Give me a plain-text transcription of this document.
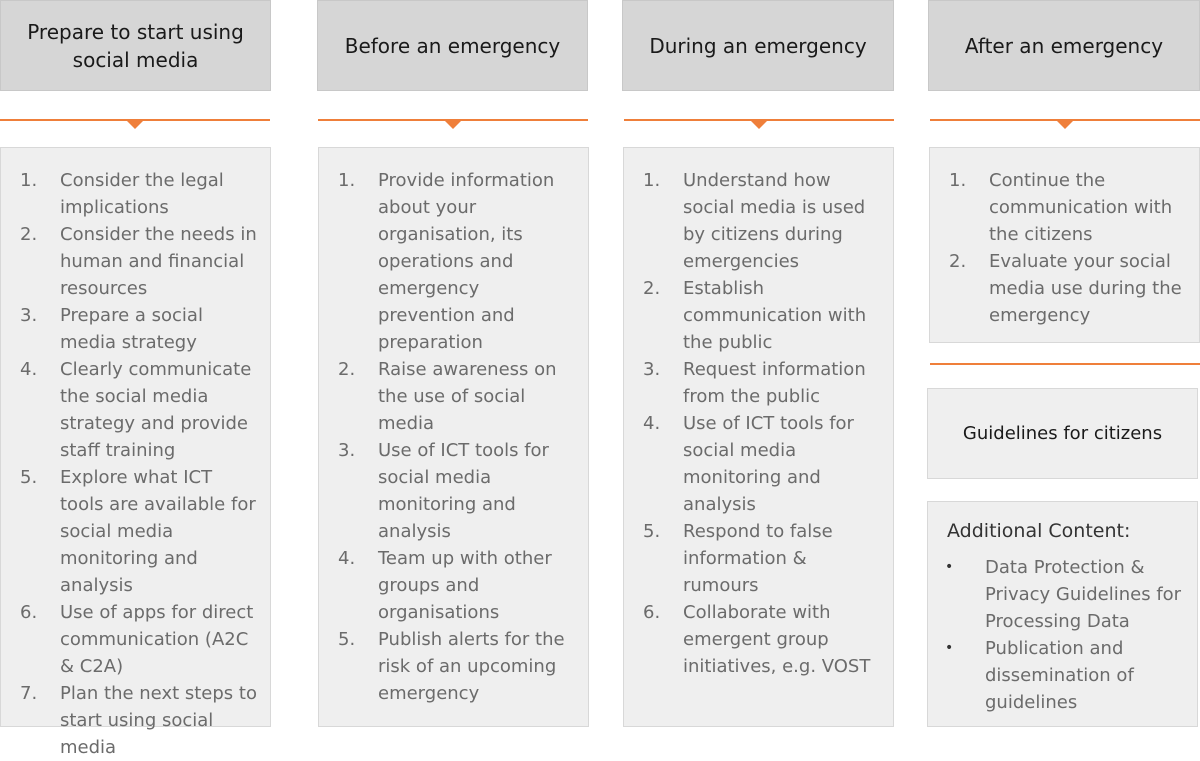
Prepare to start using social media
Before an emergency	During an emergency	After an emergency
1. Consider the legal implications
2. Consider the needs in human and financial resources
3. Prepare a social media strategy
4. Clearly communicate the social media strategy and provide staff training
5. Explore what ICT tools are available for social media monitoring and analysis
6. Use of apps for direct communication (A2C & C2A)
7. Plan the next steps to start using social media
1. Provide information about your organisation, its operations and emergency prevention and preparation
2. Raise awareness on the use of social media
3. Use of ICT tools for social media monitoring and analysis
4. Team up with other groups and organisations
5. Publish alerts for the risk of an upcoming emergency
1. Understand how social media is used by citizens during emergencies
2. Establish communication with the public
3. Request information from the public
4. Use of ICT tools for social media monitoring and analysis
5. Respond to false information & rumours
6. Collaborate with emergent group initiatives, e.g. VOST
1. Continue the communication with the citizens
2. Evaluate your social media use during the emergency
Guidelines for citizens
Additional Content:
• Data Protection & Privacy Guidelines for Processing Data
• Publication and dissemination of guidelines
